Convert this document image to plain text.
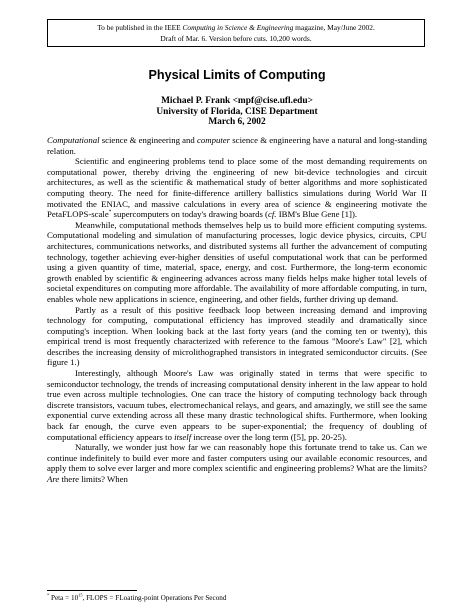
To be published in the IEEE Computing in Science & Engineering magazine, May/June 2002.
Draft of Mar. 6. Version before cuts. 10,200 words.
Physical Limits of Computing
Michael P. Frank <mpf@cise.ufl.edu>
University of Florida, CISE Department
March 6, 2002

Computational science & engineering and computer science & engineering have a natural and long-standing relation.

Scientific and engineering problems tend to place some of the most demanding requirements on computational power, thereby driving the engineering of new bit-device technologies and circuit architectures, as well as the scientific & mathematical study of better algorithms and more sophisticated computing theory. The need for finite-difference artillery ballistics simulations during World War II motivated the ENIAC, and massive calculations in every area of science & engineering motivate the PetaFLOPS-scale* supercomputers on today's drawing boards (cf. IBM's Blue Gene [1]).

Meanwhile, computational methods themselves help us to build more efficient computing systems. Computational modeling and simulation of manufacturing processes, logic device physics, circuits, CPU architectures, communications networks, and distributed systems all further the advancement of computing technology, together achieving ever-higher densities of useful computational work that can be performed using a given quantity of time, material, space, energy, and cost. Furthermore, the long-term economic growth enabled by scientific & engineering advances across many fields helps make higher total levels of societal expenditures on computing more affordable. The availability of more affordable computing, in turn, enables whole new applications in science, engineering, and other fields, further driving up demand.

Partly as a result of this positive feedback loop between increasing demand and improving technology for computing, computational efficiency has improved steadily and dramatically since computing's inception. When looking back at the last forty years (and the coming ten or twenty), this empirical trend is most frequently characterized with reference to the famous "Moore's Law" [2], which describes the increasing density of microlithographed transistors in integrated semiconductor circuits. (See figure 1.)

Interestingly, although Moore's Law was originally stated in terms that were specific to semiconductor technology, the trends of increasing computational density inherent in the law appear to hold true even across multiple technologies. One can trace the history of computing technology back through discrete transistors, vacuum tubes, electromechanical relays, and gears, and amazingly, we still see the same exponential curve extending across all these many drastic technological shifts. Furthermore, when looking back far enough, the curve even appears to be super-exponential; the frequency of doubling of computational efficiency appears to itself increase over the long term ([5], pp. 20-25).

Naturally, we wonder just how far we can reasonably hope this fortunate trend to take us. Can we continue indefinitely to build ever more and faster computers using our available economic resources, and apply them to solve ever larger and more complex scientific and engineering problems? What are the limits? Are there limits? When

* Peta = $10^{15}$, FLOPS = FLoating-point Operations Per Second
